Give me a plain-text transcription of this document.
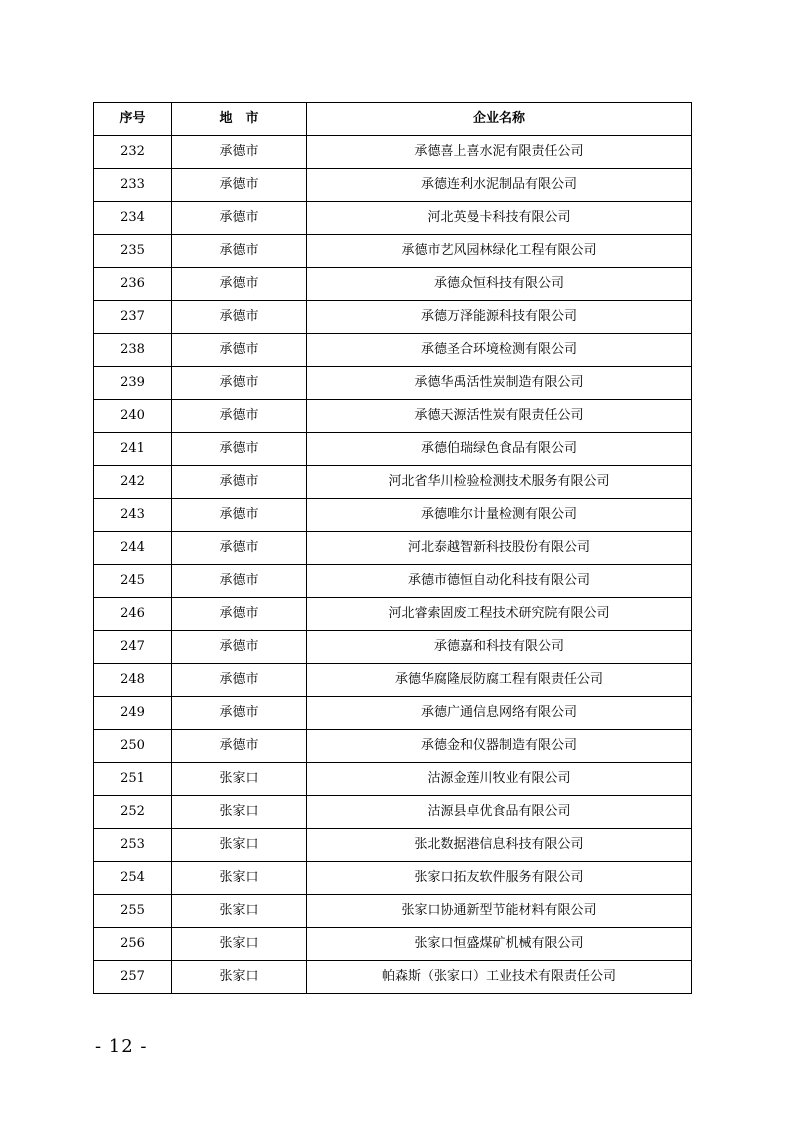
序号	地　市	企业名称
232	承德市	承德喜上喜水泥有限责任公司
233	承德市	承德连利水泥制品有限公司
234	承德市	河北英曼卡科技有限公司
235	承德市	承德市艺风园林绿化工程有限公司
236	承德市	承德众恒科技有限公司
237	承德市	承德万泽能源科技有限公司
238	承德市	承德圣合环境检测有限公司
239	承德市	承德华禹活性炭制造有限公司
240	承德市	承德天源活性炭有限责任公司
241	承德市	承德伯瑞绿色食品有限公司
242	承德市	河北省华川检验检测技术服务有限公司
243	承德市	承德唯尔计量检测有限公司
244	承德市	河北泰越智新科技股份有限公司
245	承德市	承德市德恒自动化科技有限公司
246	承德市	河北睿索固废工程技术研究院有限公司
247	承德市	承德嘉和科技有限公司
248	承德市	承德华腐隆辰防腐工程有限责任公司
249	承德市	承德广通信息网络有限公司
250	承德市	承德金和仪器制造有限公司
251	张家口	沽源金莲川牧业有限公司
252	张家口	沽源县卓优食品有限公司
253	张家口	张北数据港信息科技有限公司
254	张家口	张家口拓友软件服务有限公司
255	张家口	张家口协通新型节能材料有限公司
256	张家口	张家口恒盛煤矿机械有限公司
257	张家口	帕森斯（张家口）工业技术有限责任公司
- 12 -
